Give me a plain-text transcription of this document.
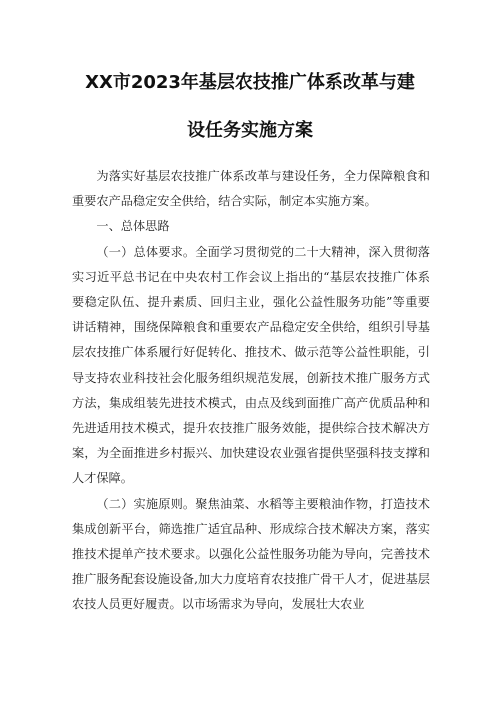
XX市2023年基层农技推广体系改革与建
设任务实施方案

为落实好基层农技推广体系改革与建设任务，全力保障粮食和重要农产品稳定安全供给，结合实际，制定本实施方案。

一、总体思路

（一）总体要求。全面学习贯彻党的二十大精神，深入贯彻落实习近平总书记在中央农村工作会议上指出的“基层农技推广体系要稳定队伍、提升素质、回归主业，强化公益性服务功能”等重要讲话精神，围绕保障粮食和重要农产品稳定安全供给，组织引导基层农技推广体系履行好促转化、推技术、做示范等公益性职能，引导支持农业科技社会化服务组织规范发展，创新技术推广服务方式方法，集成组装先进技术模式，由点及线到面推广高产优质品种和先进适用技术模式，提升农技推广服务效能，提供综合技术解决方案，为全面推进乡村振兴、加快建设农业强省提供坚强科技支撑和人才保障。

（二）实施原则。聚焦油菜、水稻等主要粮油作物，打造技术集成创新平台，筛选推广适宜品种、形成综合技术解决方案，落实推技术提单产技术要求。以强化公益性服务功能为导向，完善技术推广服务配套设施设备,加大力度培育农技推广骨干人才，促进基层农技人员更好履责。以市场需求为导向，发展壮大农业
